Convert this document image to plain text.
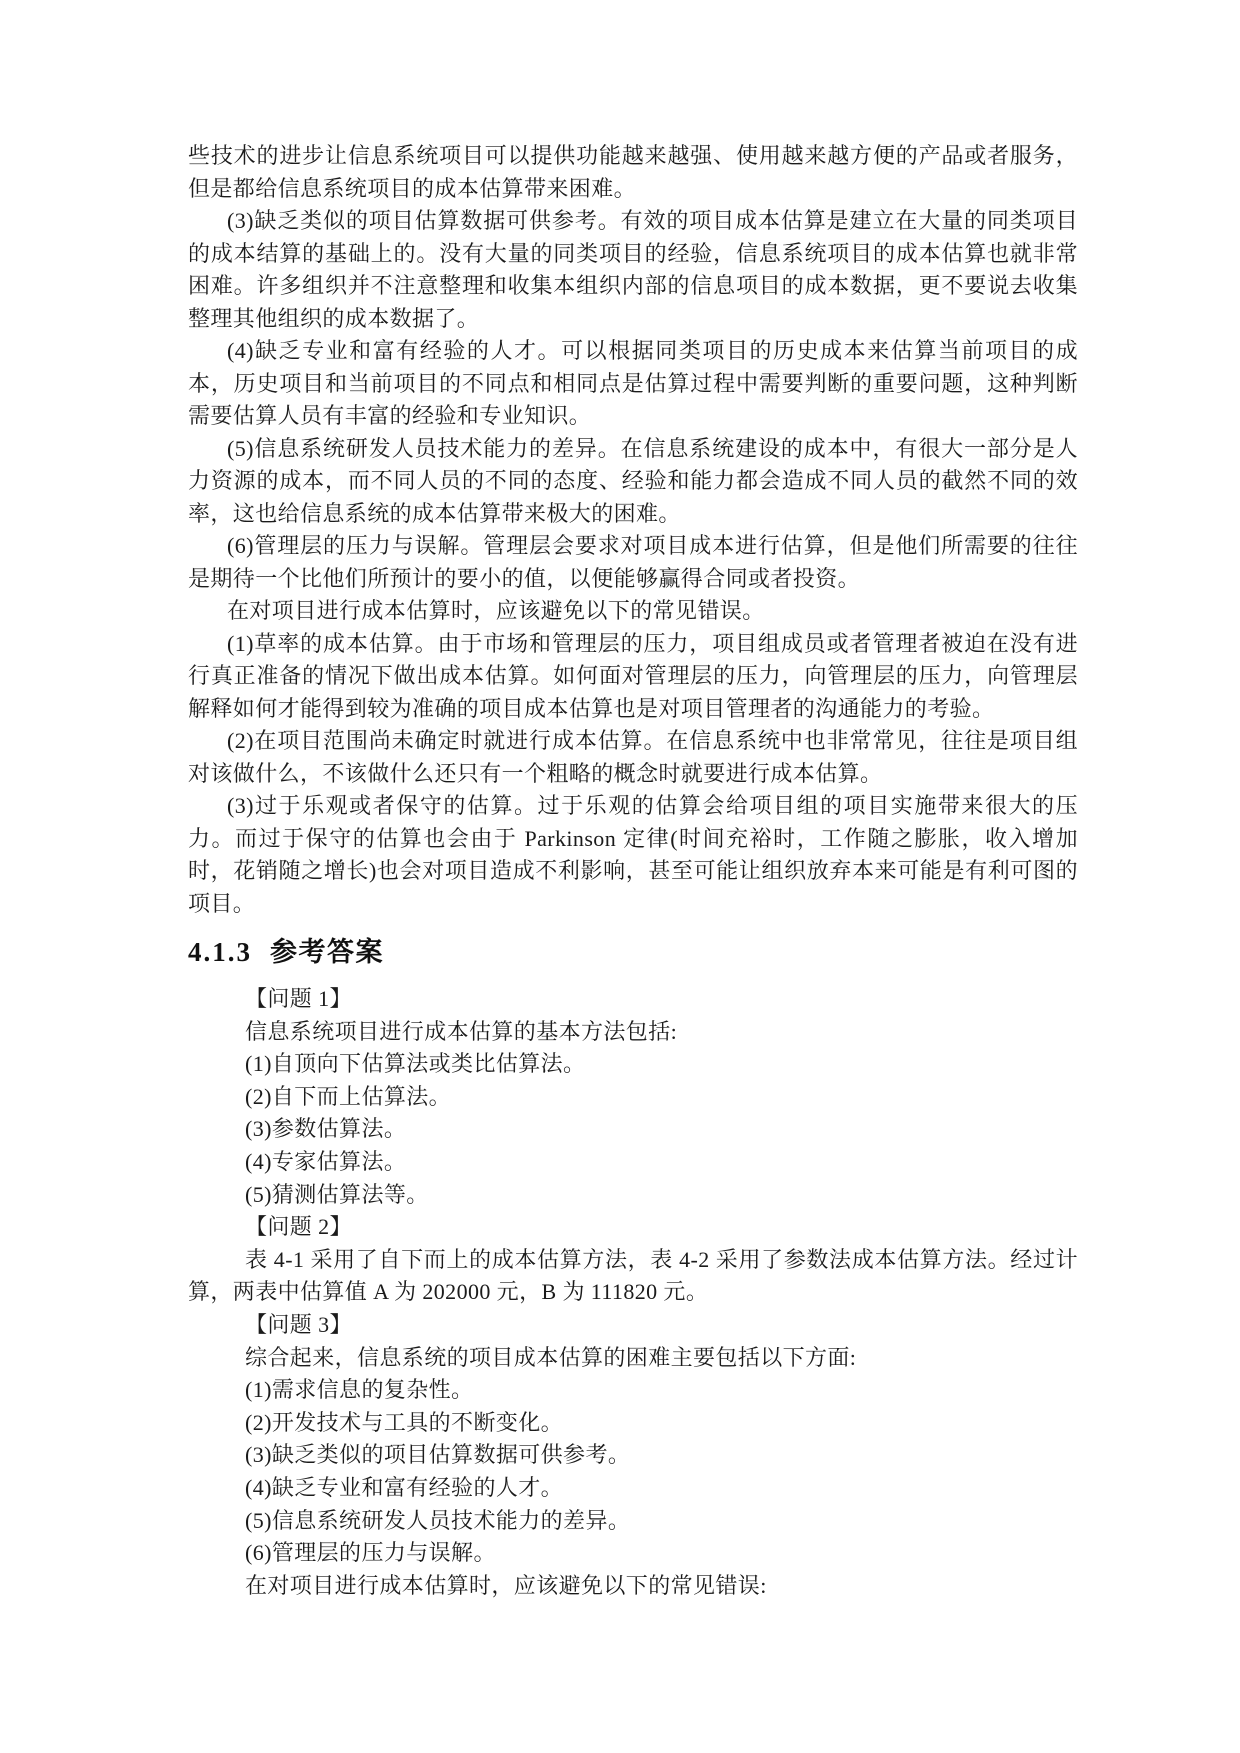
些技术的进步让信息系统项目可以提供功能越来越强、使用越来越方便的产品或者服务，但是都给信息系统项目的成本估算带来困难。

(3)缺乏类似的项目估算数据可供参考。有效的项目成本估算是建立在大量的同类项目的成本结算的基础上的。没有大量的同类项目的经验，信息系统项目的成本估算也就非常困难。许多组织并不注意整理和收集本组织内部的信息项目的成本数据，更不要说去收集整理其他组织的成本数据了。

(4)缺乏专业和富有经验的人才。可以根据同类项目的历史成本来估算当前项目的成本，历史项目和当前项目的不同点和相同点是估算过程中需要判断的重要问题，这种判断需要估算人员有丰富的经验和专业知识。

(5)信息系统研发人员技术能力的差异。在信息系统建设的成本中，有很大一部分是人力资源的成本，而不同人员的不同的态度、经验和能力都会造成不同人员的截然不同的效率，这也给信息系统的成本估算带来极大的困难。

(6)管理层的压力与误解。管理层会要求对项目成本进行估算，但是他们所需要的往往是期待一个比他们所预计的要小的值，以便能够赢得合同或者投资。

在对项目进行成本估算时，应该避免以下的常见错误。

(1)草率的成本估算。由于市场和管理层的压力，项目组成员或者管理者被迫在没有进行真正准备的情况下做出成本估算。如何面对管理层的压力，向管理层的压力，向管理层解释如何才能得到较为准确的项目成本估算也是对项目管理者的沟通能力的考验。

(2)在项目范围尚未确定时就进行成本估算。在信息系统中也非常常见，往往是项目组对该做什么，不该做什么还只有一个粗略的概念时就要进行成本估算。

(3)过于乐观或者保守的估算。过于乐观的估算会给项目组的项目实施带来很大的压力。而过于保守的估算也会由于 Parkinson 定律(时间充裕时，工作随之膨胀，收入增加时，花销随之增长)也会对项目造成不利影响，甚至可能让组织放弃本来可能是有利可图的项目。

4.1.3 参考答案

【问题 1】

信息系统项目进行成本估算的基本方法包括:

(1)自顶向下估算法或类比估算法。

(2)自下而上估算法。

(3)参数估算法。

(4)专家估算法。

(5)猜测估算法等。

【问题 2】

表 4-1 采用了自下而上的成本估算方法，表 4-2 采用了参数法成本估算方法。经过计算，两表中估算值 A 为 202000 元，B 为 111820 元。

【问题 3】

综合起来，信息系统的项目成本估算的困难主要包括以下方面:

(1)需求信息的复杂性。

(2)开发技术与工具的不断变化。

(3)缺乏类似的项目估算数据可供参考。

(4)缺乏专业和富有经验的人才。

(5)信息系统研发人员技术能力的差异。

(6)管理层的压力与误解。

在对项目进行成本估算时，应该避免以下的常见错误:
